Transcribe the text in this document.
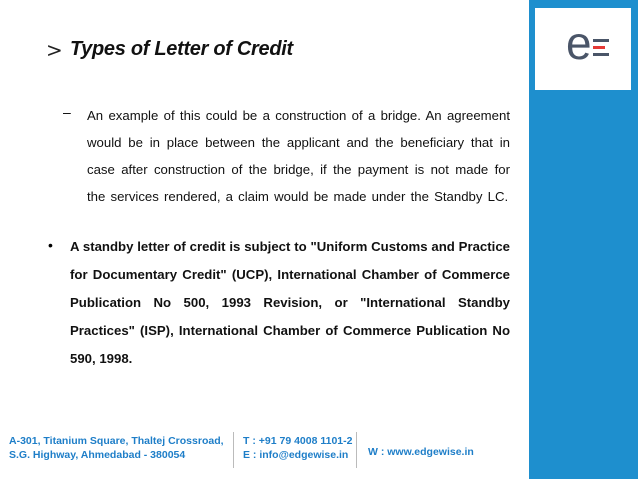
e
> Types of Letter of Credit
– An example of this could be a construction of a bridge. An agreement would be in place between the applicant and the beneficiary that in case after construction of the bridge, if the payment is not made for the services rendered, a claim would be made under the Standby LC.
• A standby letter of credit is subject to "Uniform Customs and Practice for Documentary Credit" (UCP), International Chamber of Commerce Publication No 500, 1993 Revision, or "International Standby Practices" (ISP), International Chamber of Commerce Publication No 590, 1998.
A-301, Titanium Square, Thaltej Crossroad,
S.G. Highway, Ahmedabad - 380054
T : +91 79 4008 1101-2
E : info@edgewise.in	W : www.edgewise.in
